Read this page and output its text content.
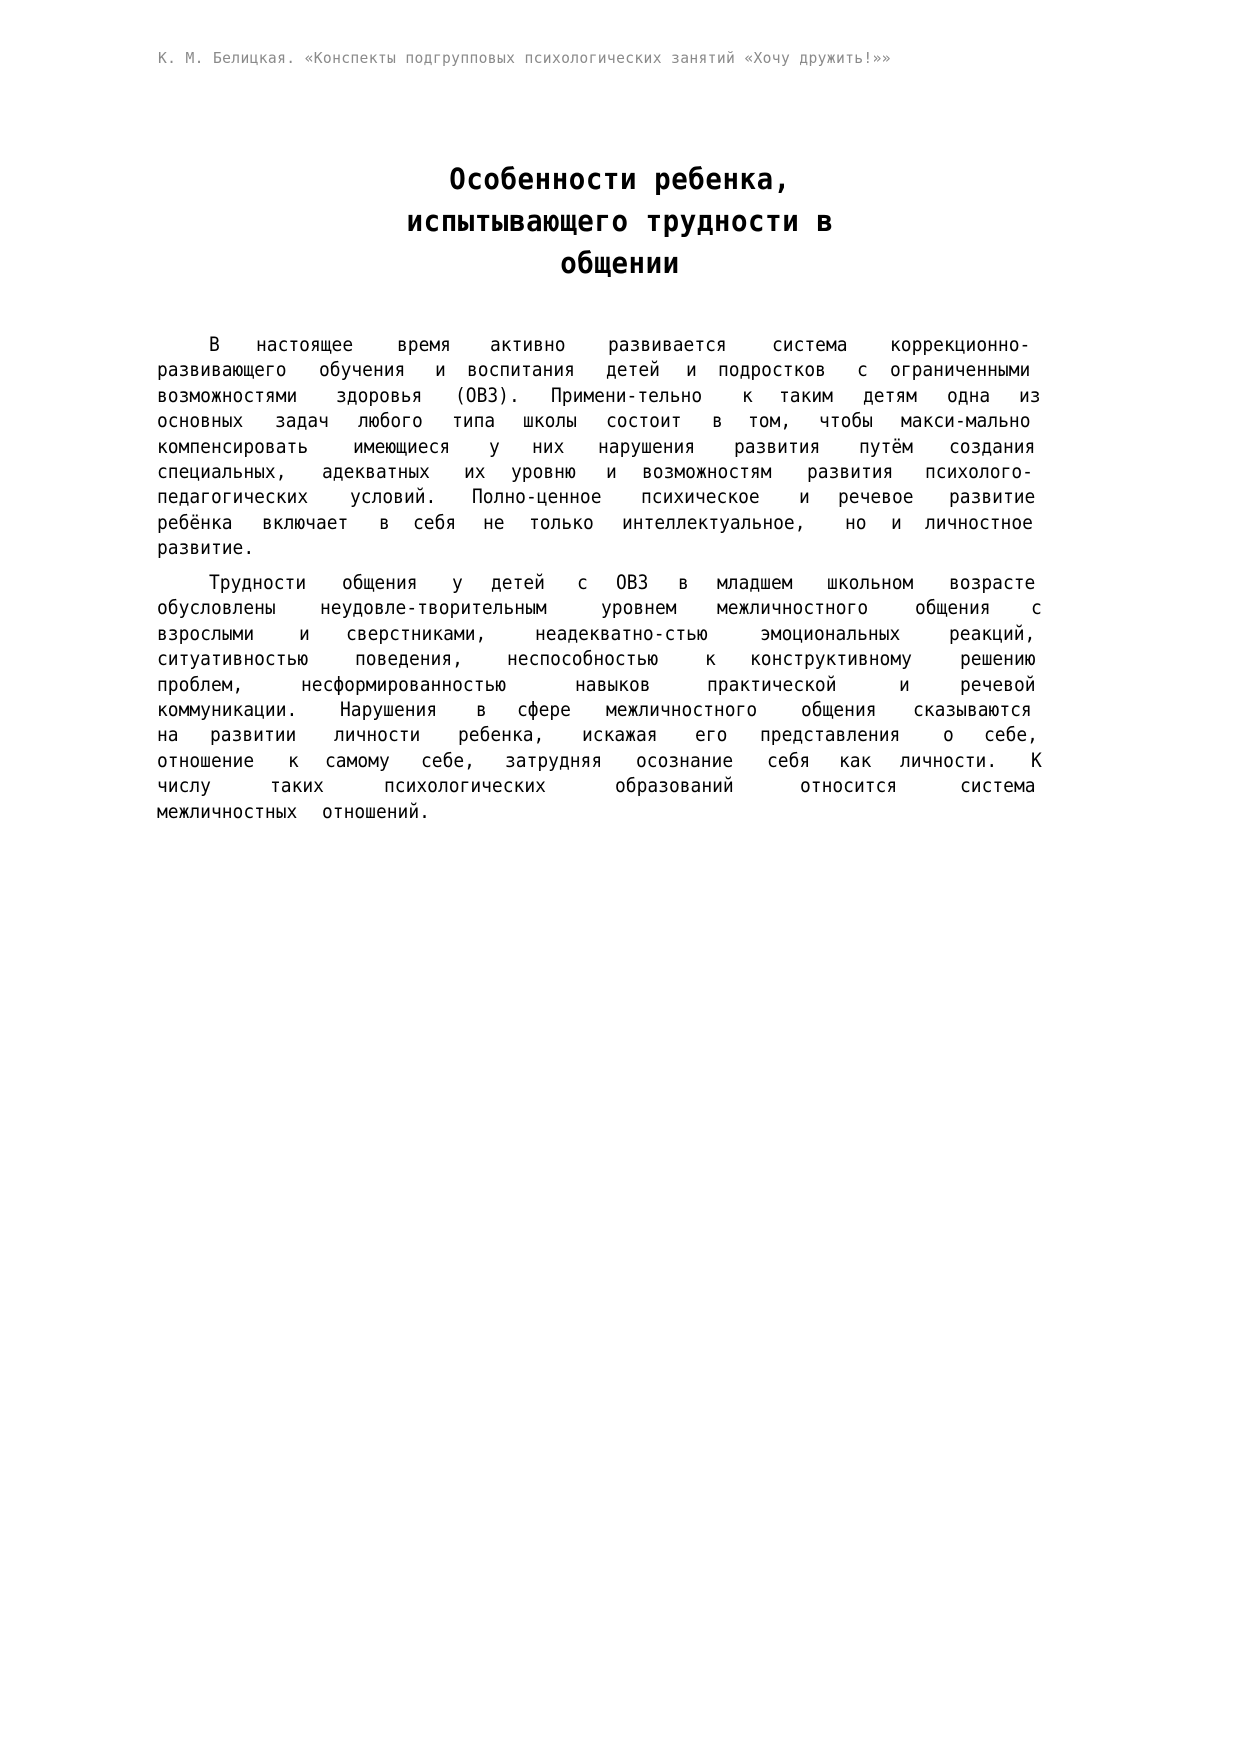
К. М. Белицкая. «Конспекты подгрупповых психологических занятий «Хочу дружить!»»
Особенности ребенка,
испытывающего трудности в
общении
В настоящее время активно развивается система коррекционно-
развивающего обучения и воспитания детей и подростков с ограниченными
возможностями здоровья (ОВЗ). Примени-тельно к таким детям одна из
основных задач любого типа школы состоит в том, чтобы макси-мально
компенсировать имеющиеся у них нарушения развития путём создания
специальных, адекватных их уровню и возможностям развития психолого-
педагогических условий. Полно-ценное психическое и речевое развитие
ребёнка включает в себя не только интеллектуальное, но и личностное
развитие.
Трудности общения у детей с ОВЗ в младшем школьном возрасте
обусловлены неудовле-творительным	уровнем межличностного общения с
взрослыми и сверстниками, неадекватно-стью	эмоциональных реакций,
ситуативностью поведения, неспособностью к конструктивному решению
проблем,	несформированностью	навыков	практической	и	речевой
коммуникации. Нарушения в сфере межличностного общения сказываются
на развитии личности ребенка, искажая его представления о себе,
отношение к самому себе, затрудняя осознание себя как личности. К
числу	таких	психологических	образований	относится	система
межличностных
отношений.
